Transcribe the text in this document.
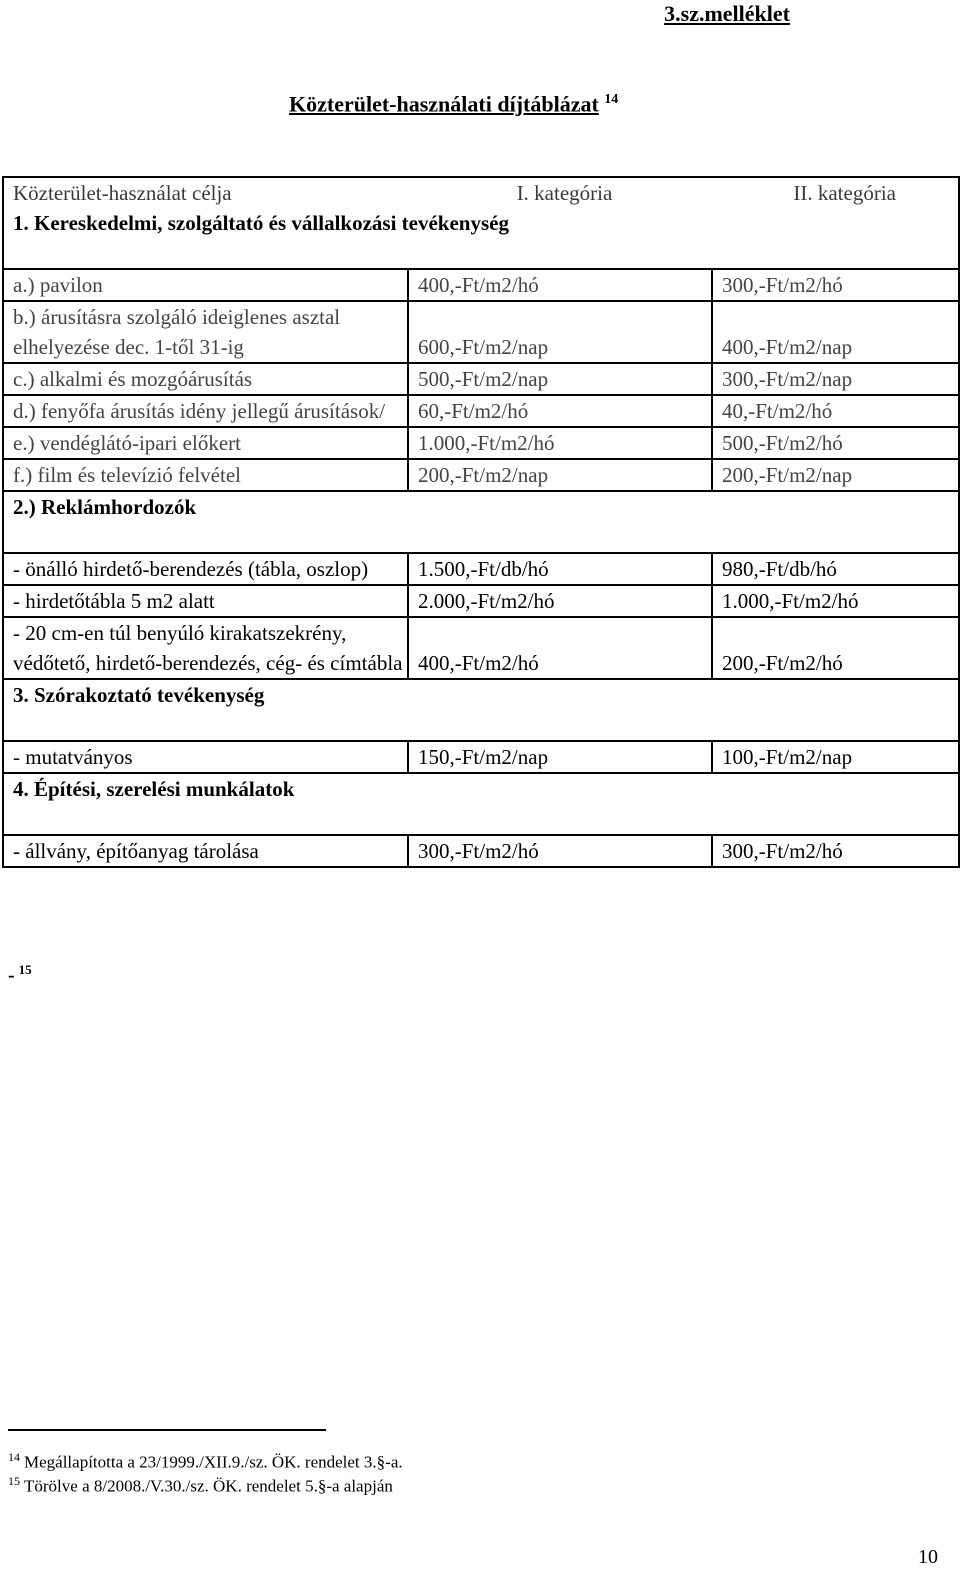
3.sz.melléklet
Közterület-használati díjtáblázat $^{14}$
Közterület-használat célja	I. kategória	II. kategória
1. Kereskedelmi, szolgáltató és vállalkozási tevékenység		
a.) pavilon	400,-Ft/m2/hó	300,-Ft/m2/hó
b.) árusításra szolgáló ideiglenes asztal elhelyezése dec. 1-től 31-ig	600,-Ft/m2/nap	400,-Ft/m2/nap
c.) alkalmi és mozgóárusítás	500,-Ft/m2/nap	300,-Ft/m2/nap
d.) fenyőfa árusítás idény jellegű árusítások/	60,-Ft/m2/hó	40,-Ft/m2/hó
e.) vendéglátó-ipari előkert	1.000,-Ft/m2/hó	500,-Ft/m2/hó
f.) film és televízió felvétel	200,-Ft/m2/nap	200,-Ft/m2/nap
2.) Reklámhordozók		
- önálló hirdető-berendezés (tábla, oszlop)	1.500,-Ft/db/hó	980,-Ft/db/hó
- hirdetőtábla 5 m2 alatt	2.000,-Ft/m2/hó	1.000,-Ft/m2/hó
- 20 cm-en túl benyúló kirakatszekrény, védőtető, hirdető-berendezés, cég- és címtábla	400,-Ft/m2/hó	200,-Ft/m2/hó
3. Szórakoztató tevékenység		
- mutatványos	150,-Ft/m2/nap	100,-Ft/m2/nap
4. Építési, szerelési munkálatok		
- állvány, építőanyag tárolása	300,-Ft/m2/hó	300,-Ft/m2/hó
- $^{15}$
$^{14}$ Megállapította a 23/1999./XII.9./sz. ÖK. rendelet 3.§-a.
$^{15}$ Törölve a 8/2008./V.30./sz. ÖK. rendelet 5.§-a alapján
10
